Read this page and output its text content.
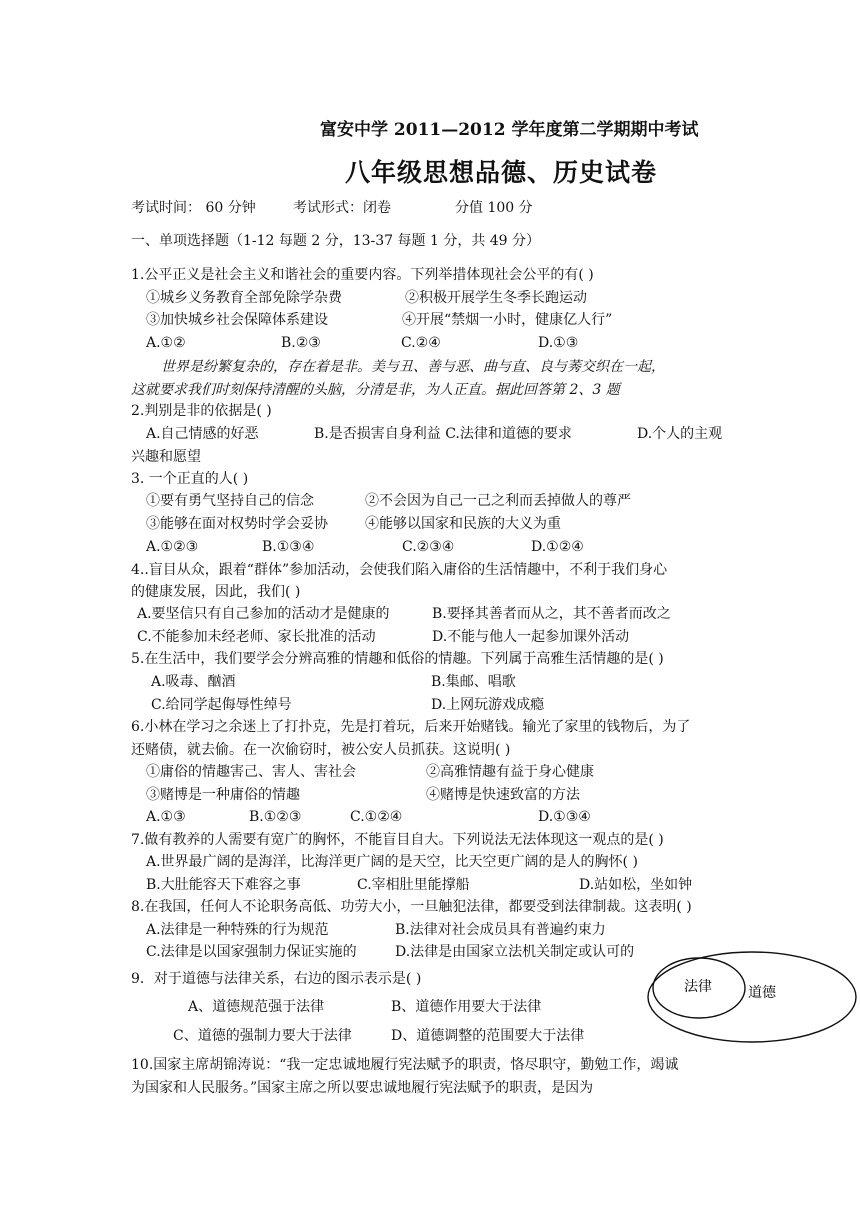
富安中学 2011—2012 学年度第二学期期中考试
八年级思想品德、历史试卷
考试时间： 60 分钟	考试形式：闭卷	分值 100 分
一、单项选择题（1-12 每题 2 分，13-37 每题 1 分，共 49 分）
1.公平正义是社会主义和谐社会的重要内容。下列举措体现社会公平的有( )
①城乡义务教育全部免除学杂费	②积极开展学生冬季长跑运动
③加快城乡社会保障体系建设	④开展“禁烟一小时，健康亿人行”
A.①②	B.②③	C.②④	D.①③
世界是纷繁复杂的，存在着是非。美与丑、善与恶、曲与直、良与莠交织在一起，
这就要求我们时刻保持清醒的头脑，分清是非，为人正直。据此回答第 2、3 题
2.判别是非的依据是( )
A.自己情感的好恶	B.是否损害自身利益 C.法律和道德的要求	D.个人的主观
兴趣和愿望
3. 一个正直的人( )
①要有勇气坚持自己的信念	②不会因为自己一己之利而丢掉做人的尊严
③能够在面对权势时学会妥协	④能够以国家和民族的大义为重
A.①②③	B.①③④	C.②③④	D.①②④
4..盲目从众，跟着“群体”参加活动，会使我们陷入庸俗的生活情趣中，不利于我们身心
的健康发展，因此，我们( )
A.要坚信只有自己参加的活动才是健康的	B.要择其善者而从之，其不善者而改之
C.不能参加未经老师、家长批准的活动	D.不能与他人一起参加课外活动
5.在生活中，我们要学会分辨高雅的情趣和低俗的情趣。下列属于高雅生活情趣的是( )
A.吸毒、酗酒	B.集邮、唱歌
C.给同学起侮辱性绰号	D.上网玩游戏成瘾
6.小林在学习之余迷上了打扑克，先是打着玩，后来开始赌钱。输光了家里的钱物后，为了
还赌债，就去偷。在一次偷窃时，被公安人员抓获。这说明( )
①庸俗的情趣害己、害人、害社会	②高雅情趣有益于身心健康
③赌博是一种庸俗的情趣	④赌博是快速致富的方法
A.①③	B.①②③	C.①②④	D.①③④
7.做有教养的人需要有宽广的胸怀，不能盲目自大。下列说法无法体现这一观点的是( )
A.世界最广阔的是海洋，比海洋更广阔的是天空，比天空更广阔的是人的胸怀( )
B.大肚能容天下难容之事	C.宰相肚里能撑船	D.站如松，坐如钟
8.在我国，任何人不论职务高低、功劳大小，一旦触犯法律，都要受到法律制裁。这表明( )
A.法律是一种特殊的行为规范	B.法律对社会成员具有普遍约束力
C.法律是以国家强制力保证实施的	D.法律是由国家立法机关制定或认可的
9．对于道德与法律关系，右边的图示表示是( )
A、道德规范强于法律	B、道德作用要大于法律
C、道德的强制力要大于法律	D、道德调整的范围要大于法律
法律	道德
10.国家主席胡锦涛说：“我一定忠诚地履行宪法赋予的职责，恪尽职守，勤勉工作，竭诚
为国家和人民服务。”国家主席之所以要忠诚地履行宪法赋予的职责，是因为
